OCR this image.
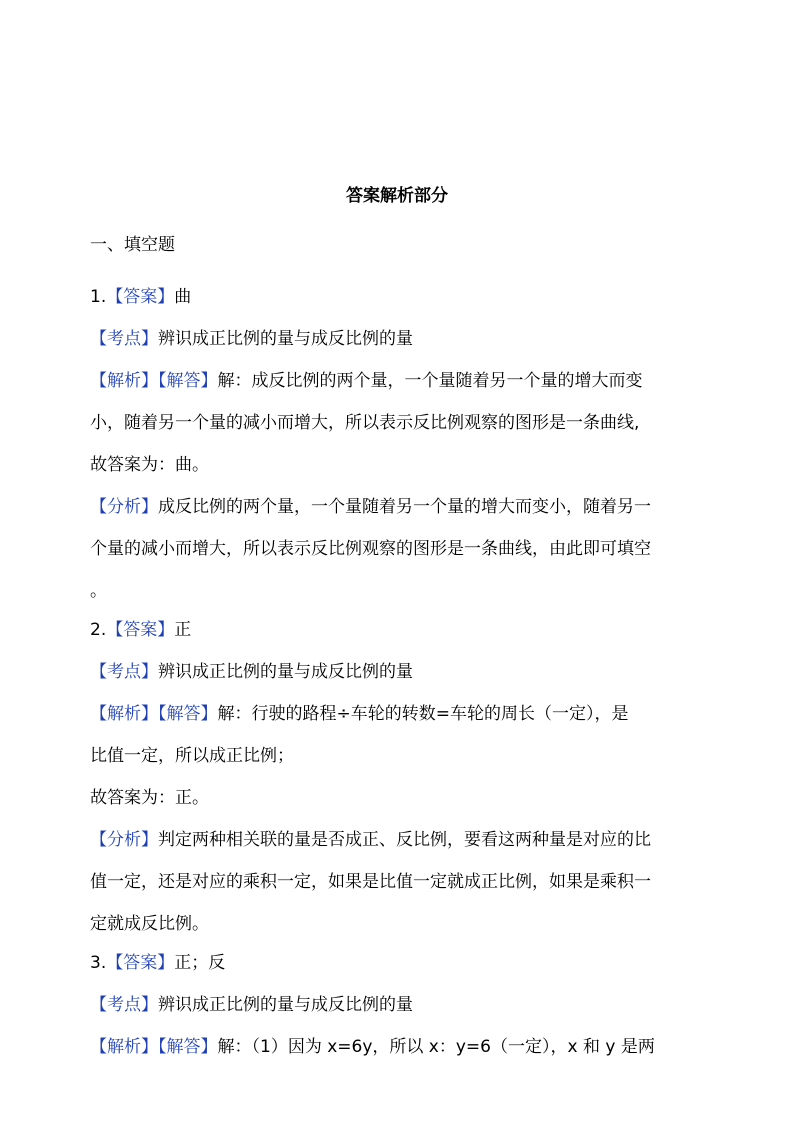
答案解析部分
一、填空题
1.【答案】曲
【考点】辨识成正比例的量与成反比例的量
【解析】【解答】解：成反比例的两个量，一个量随着另一个量的增大而变
小，随着另一个量的减小而增大，所以表示反比例观察的图形是一条曲线,
故答案为：曲。
【分析】成反比例的两个量，一个量随着另一个量的增大而变小，随着另一
个量的减小而增大，所以表示反比例观察的图形是一条曲线，由此即可填空
。
2.【答案】正
【考点】辨识成正比例的量与成反比例的量
【解析】【解答】解：行驶的路程÷车轮的转数=车轮的周长（一定），是
比值一定，所以成正比例；
故答案为：正。
【分析】判定两种相关联的量是否成正、反比例，要看这两种量是对应的比
值一定，还是对应的乘积一定，如果是比值一定就成正比例，如果是乘积一
定就成反比例。
3.【答案】正；反
【考点】辨识成正比例的量与成反比例的量
【解析】【解答】解：（1）因为 x=6y，所以 x：y=6（一定），x 和 y 是两
